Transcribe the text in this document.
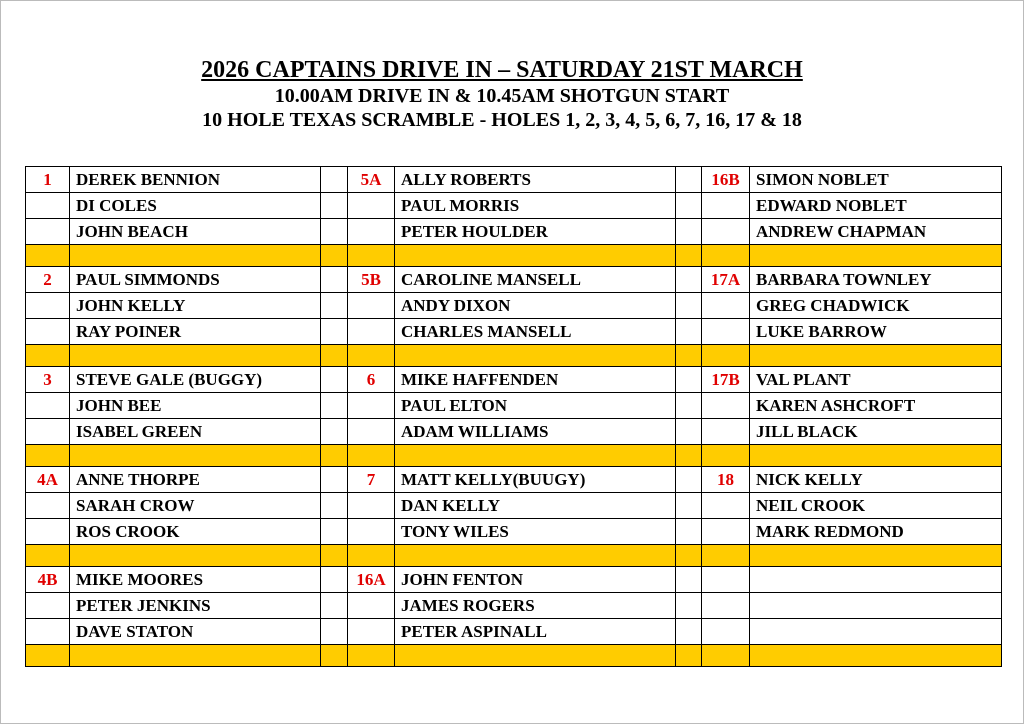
2026 CAPTAINS DRIVE IN – SATURDAY 21ST MARCH
10.00AM DRIVE IN & 10.45AM SHOTGUN START
10 HOLE TEXAS SCRAMBLE - HOLES 1, 2, 3, 4, 5, 6, 7, 16, 17 & 18
1	DEREK BENNION		5A	ALLY ROBERTS		16B	SIMON NOBLET
	DI COLES			PAUL MORRIS			EDWARD NOBLET
	JOHN BEACH			PETER HOULDER			ANDREW CHAPMAN

2	PAUL SIMMONDS		5B	CAROLINE MANSELL		17A	BARBARA TOWNLEY
	JOHN KELLY			ANDY DIXON			GREG CHADWICK
	RAY POINER			CHARLES MANSELL			LUKE BARROW

3	STEVE GALE (BUGGY)		6	MIKE HAFFENDEN		17B	VAL PLANT
	JOHN BEE			PAUL ELTON			KAREN ASHCROFT
	ISABEL GREEN			ADAM WILLIAMS			JILL BLACK

4A	ANNE THORPE		7	MATT KELLY(BUUGY)		18	NICK KELLY
	SARAH CROW			DAN KELLY			NEIL CROOK
	ROS CROOK			TONY WILES			MARK REDMOND

4B	MIKE MOORES		16A	JOHN FENTON			
	PETER JENKINS			JAMES ROGERS			
	DAVE STATON			PETER ASPINALL			
